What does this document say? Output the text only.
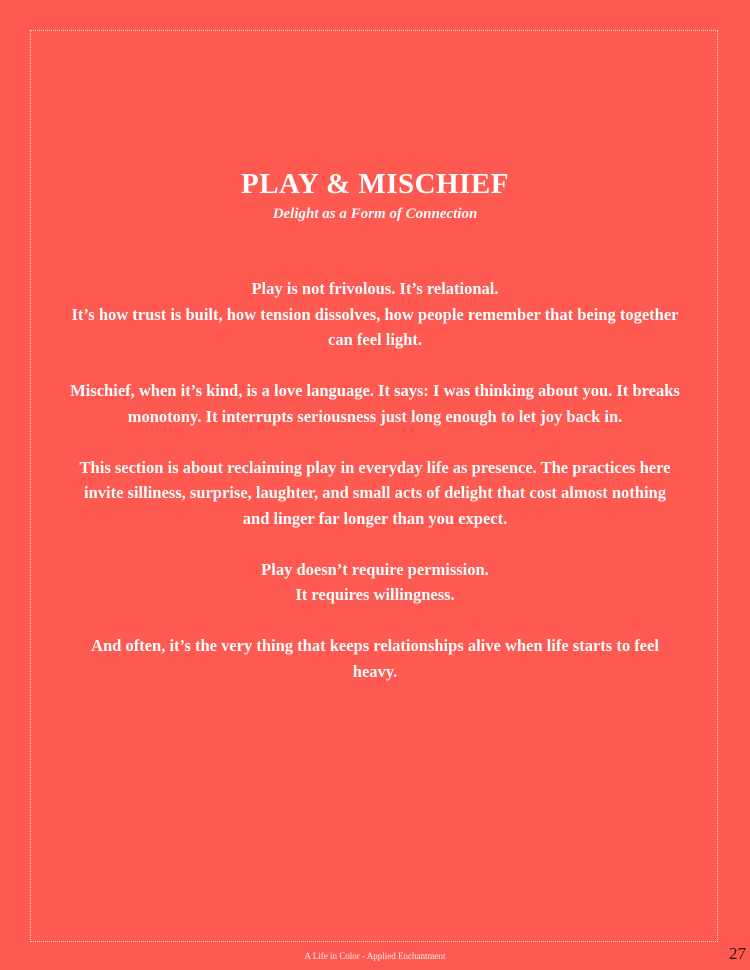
PLAY & MISCHIEF
Delight as a Form of Connection

Play is not frivolous. It’s relational.
It’s how trust is built, how tension dissolves, how people remember that being together can feel light.

Mischief, when it’s kind, is a love language. It says: I was thinking about you. It breaks monotony. It interrupts seriousness just long enough to let joy back in.

This section is about reclaiming play in everyday life as presence. The practices here invite silliness, surprise, laughter, and small acts of delight that cost almost nothing and linger far longer than you expect.

Play doesn’t require permission.
It requires willingness.

And often, it’s the very thing that keeps relationships alive when life starts to feel heavy.

A Life in Color - Applied Enchantment	27
